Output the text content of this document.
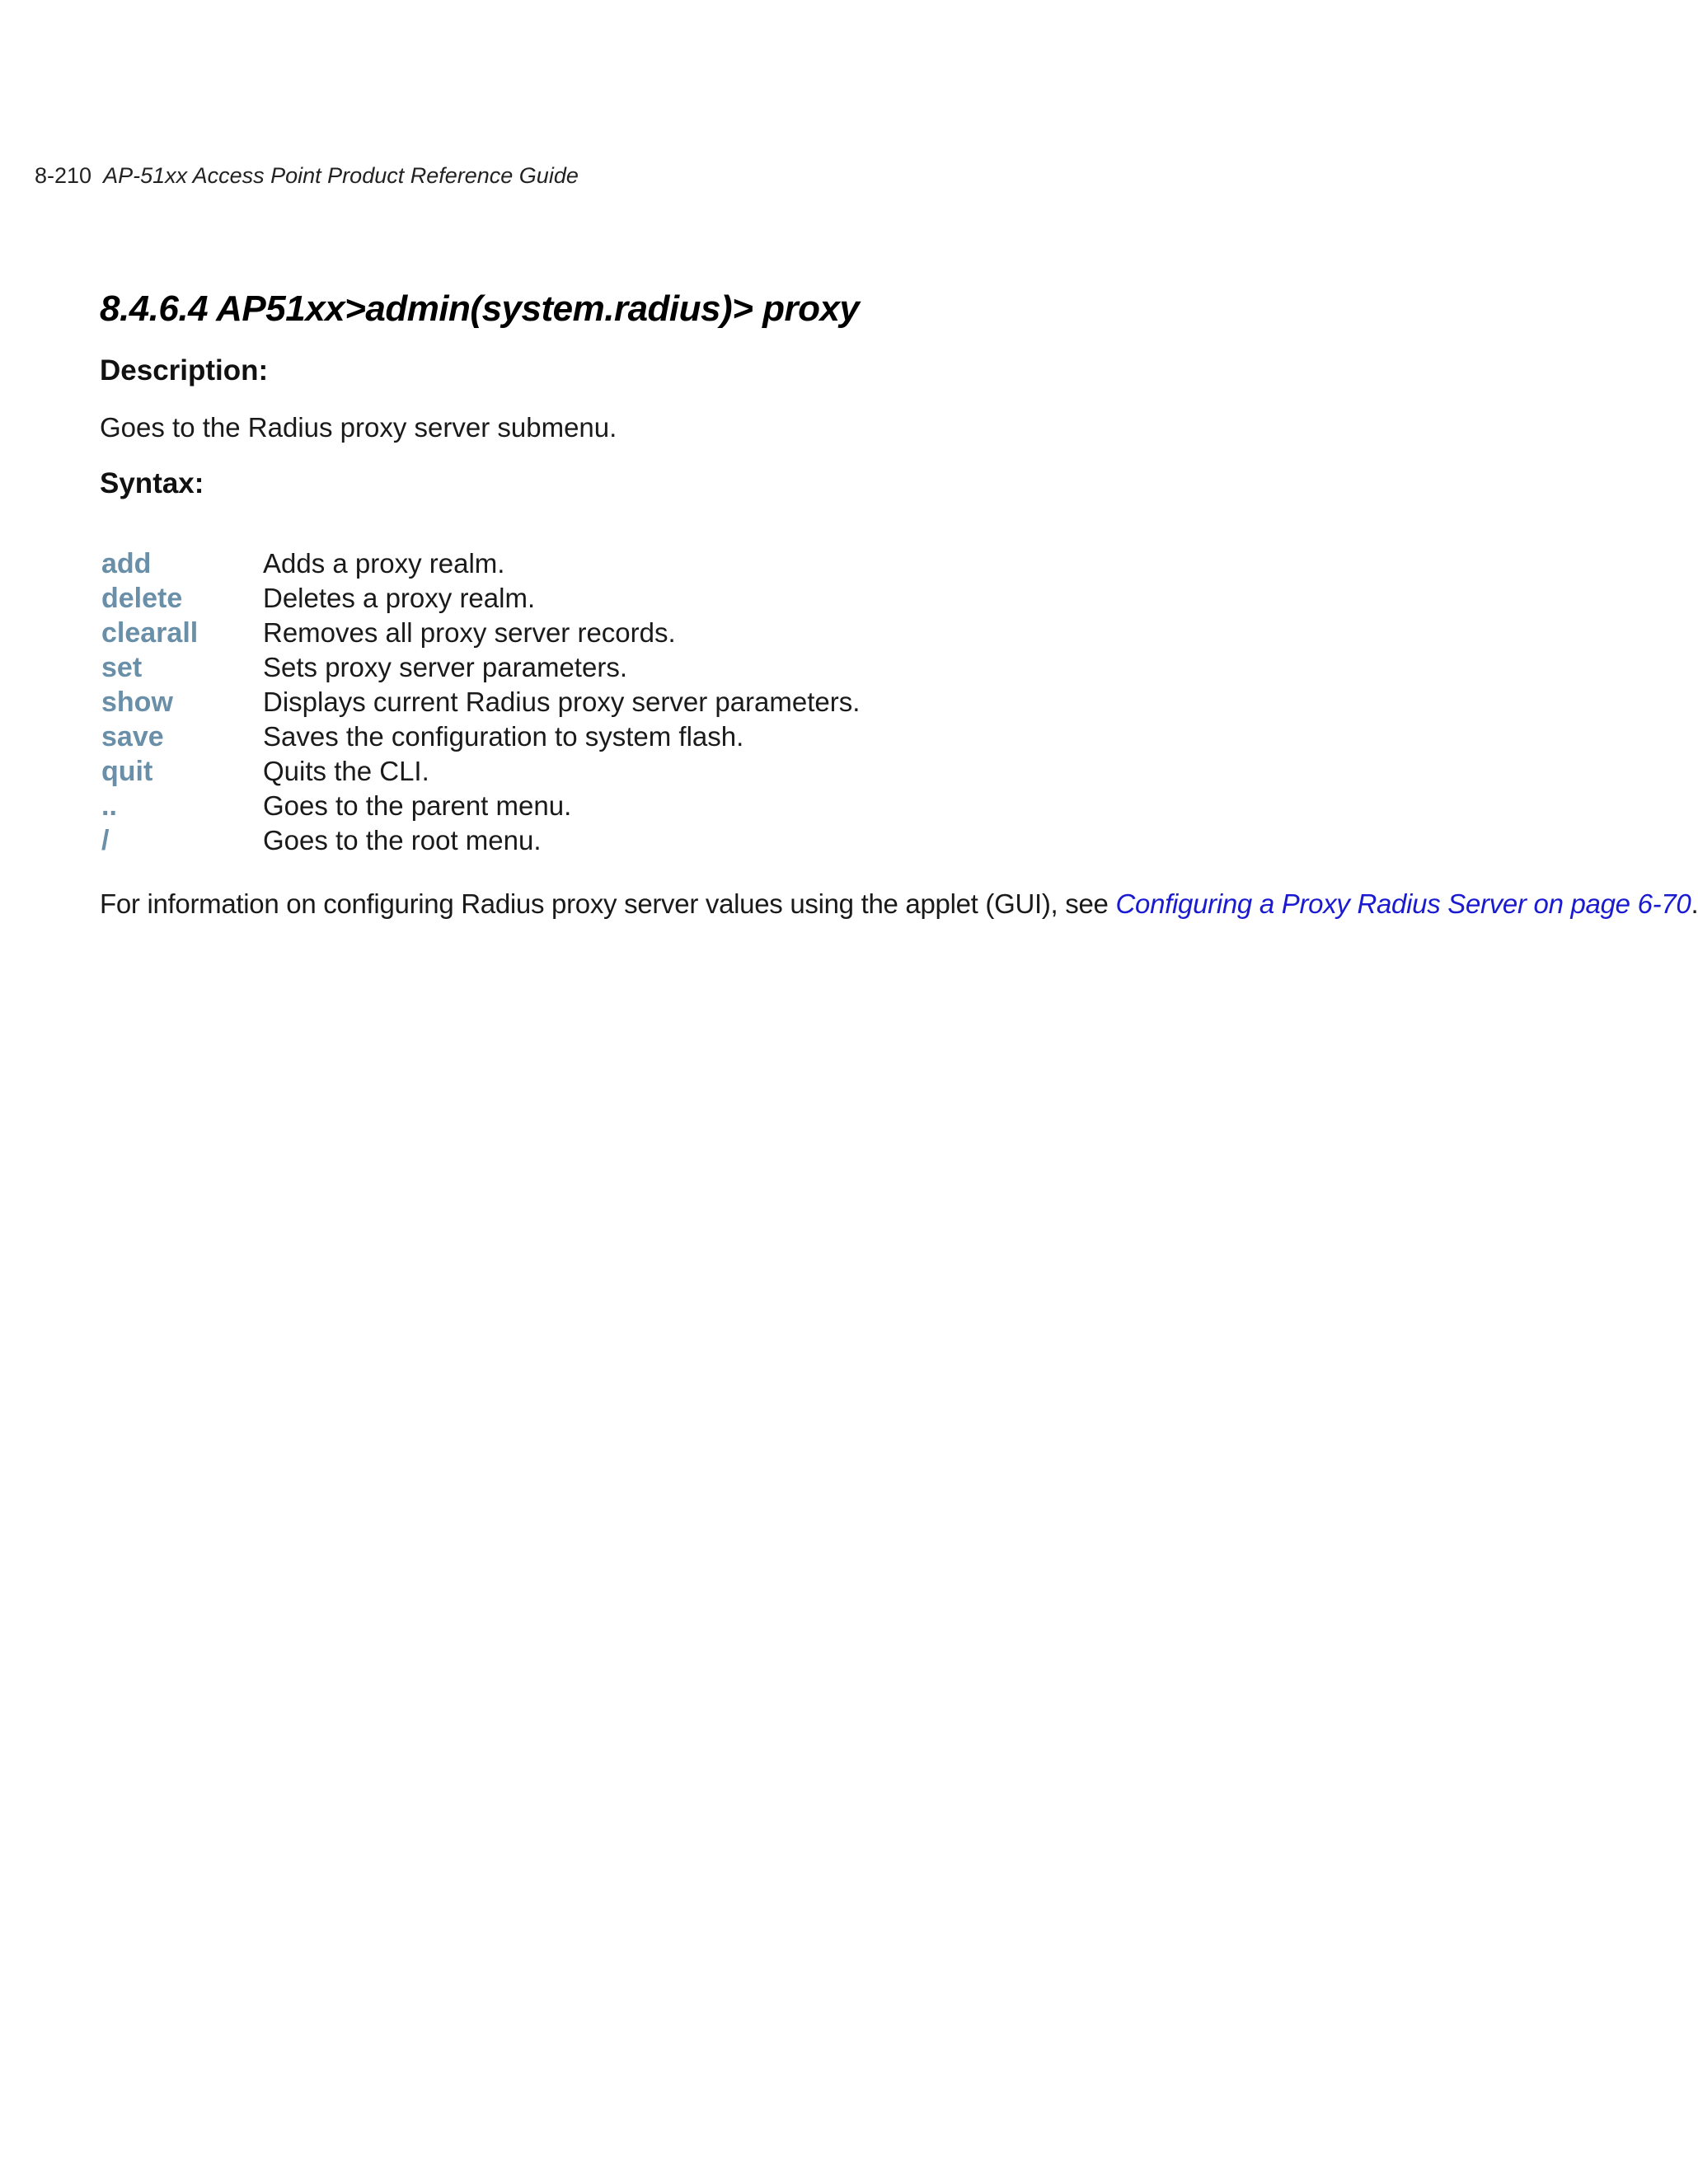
8-210 AP-51xx Access Point Product Reference Guide
8.4.6.4 AP51xx>admin(system.radius)> proxy
Description:

Goes to the Radius proxy server submenu.

Syntax:
add	Adds a proxy realm.
delete	Deletes a proxy realm.
clearall	Removes all proxy server records.
set	Sets proxy server parameters.
show	Displays current Radius proxy server parameters.
save	Saves the configuration to system flash.
quit	Quits the CLI.
..	Goes to the parent menu.
/	Goes to the root menu.

For information on configuring Radius proxy server values using the applet (GUI), see Configuring a Proxy Radius Server on page 6-70.
